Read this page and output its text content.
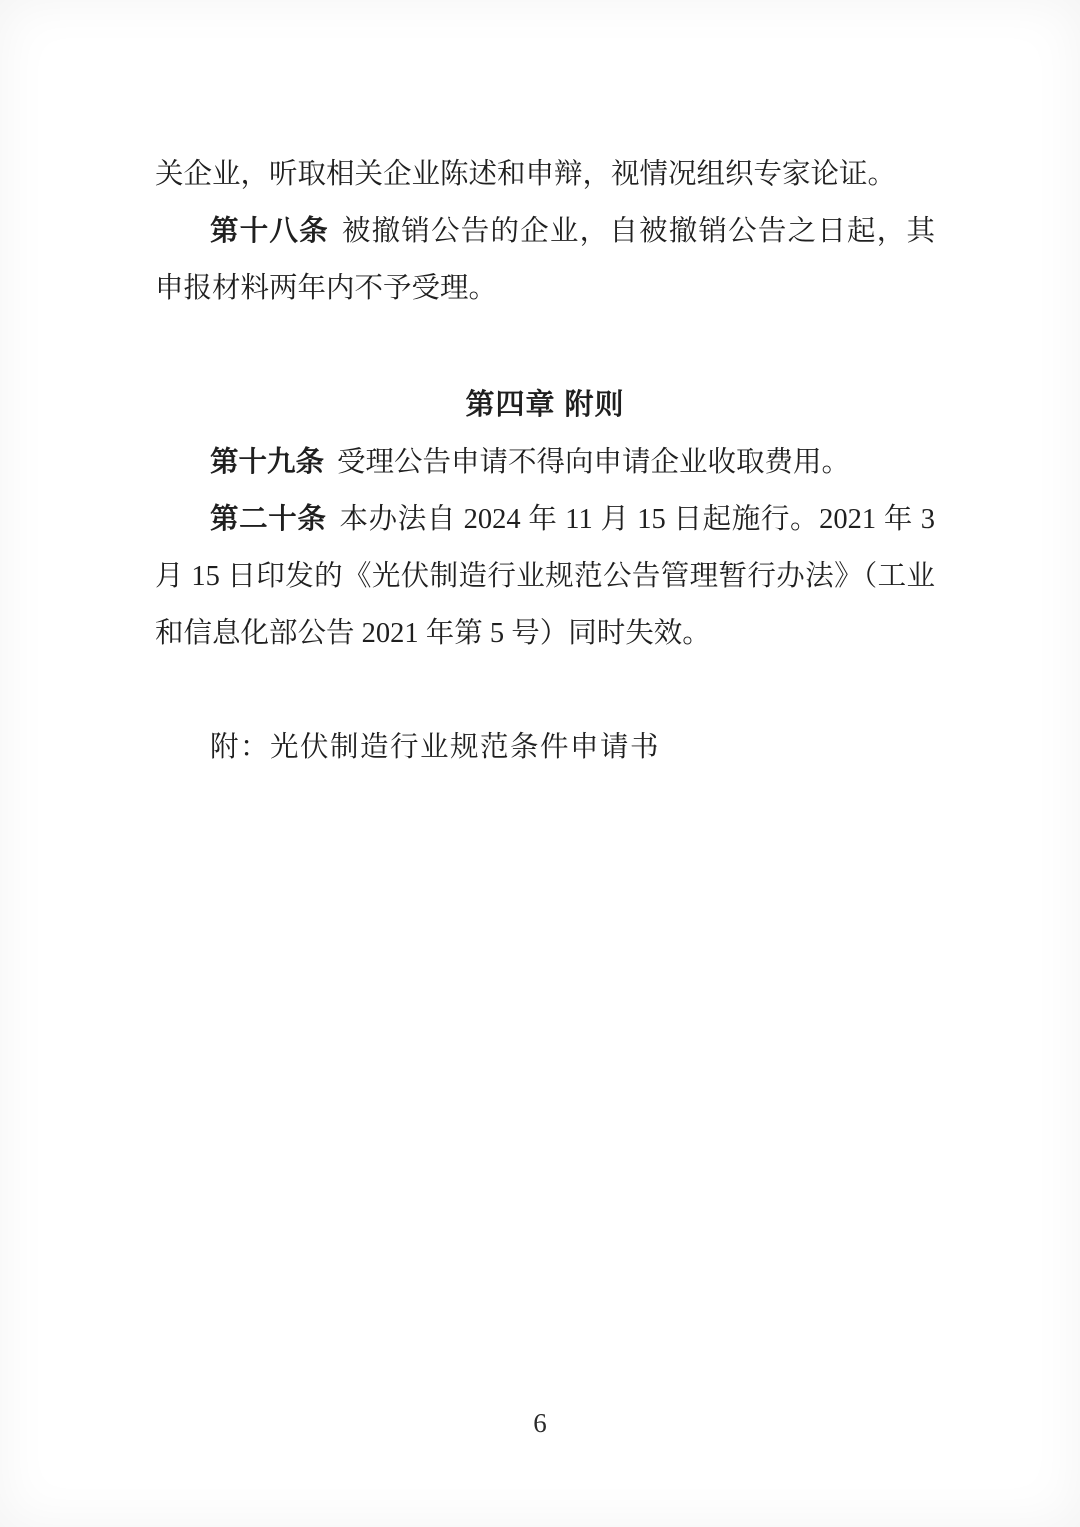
关企业，听取相关企业陈述和申辩，视情况组织专家论证。

第十八条 被撤销公告的企业，自被撤销公告之日起，其申报材料两年内不予受理。

第四章 附则

第十九条 受理公告申请不得向申请企业收取费用。

第二十条 本办法自 2024 年 11 月 15 日起施行。2021 年 3 月 15 日印发的《光伏制造行业规范公告管理暂行办法》（工业和信息化部公告 2021 年第 5 号）同时失效。

附：光伏制造行业规范条件申请书

6
